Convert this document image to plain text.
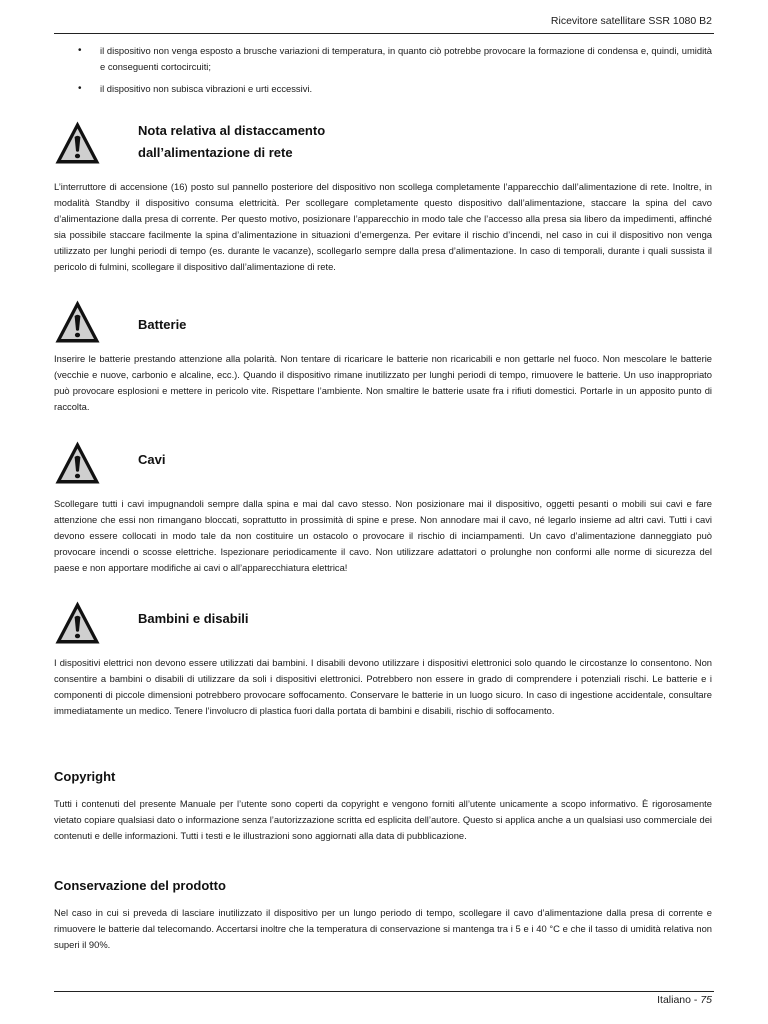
Ricevitore satellitare SSR 1080 B2
• il dispositivo non venga esposto a brusche variazioni di temperatura, in quanto ciò potrebbe provocare la formazione di condensa e, quindi, umidità e conseguenti cortocircuiti;
• il dispositivo non subisca vibrazioni e urti eccessivi.
Nota relativa al distaccamento
dall’alimentazione di rete

L’interruttore di accensione (16) posto sul pannello posteriore del dispositivo non scollega completamente l’apparecchio dall’alimentazione di rete. Inoltre, in modalità Standby il dispositivo consuma elettricità. Per scollegare completamente questo dispositivo dall’alimentazione, staccare la spina del cavo d’alimentazione dalla presa di corrente. Per questo motivo, posizionare l’apparecchio in modo tale che l’accesso alla presa sia libero da impedimenti, affinché sia possibile staccare facilmente la spina d’alimentazione in situazioni d’emergenza. Per evitare il rischio d’incendi, nel caso in cui il dispositivo non venga utilizzato per lunghi periodi di tempo (es. durante le vacanze), scollegarlo sempre dalla presa d’alimentazione. In caso di temporali, durante i quali sussista il pericolo di fulmini, scollegare il dispositivo dall’alimentazione di rete.

Batterie

Inserire le batterie prestando attenzione alla polarità. Non tentare di ricaricare le batterie non ricaricabili e non gettarle nel fuoco. Non mescolare le batterie (vecchie e nuove, carbonio e alcaline, ecc.). Quando il dispositivo rimane inutilizzato per lunghi periodi di tempo, rimuovere le batterie. Un uso inappropriato può provocare esplosioni e mettere in pericolo vite. Rispettare l’ambiente. Non smaltire le batterie usate fra i rifiuti domestici. Portarle in un apposito punto di raccolta.

Cavi

Scollegare tutti i cavi impugnandoli sempre dalla spina e mai dal cavo stesso. Non posizionare mai il dispositivo, oggetti pesanti o mobili sui cavi e fare attenzione che essi non rimangano bloccati, soprattutto in prossimità di spine e prese. Non annodare mai il cavo, né legarlo insieme ad altri cavi. Tutti i cavi devono essere collocati in modo tale da non costituire un ostacolo o provocare il rischio di inciampamenti. Un cavo d’alimentazione danneggiato può provocare incendi o scosse elettriche. Ispezionare periodicamente il cavo. Non utilizzare adattatori o prolunghe non conformi alle norme di sicurezza del paese e non apportare modifiche ai cavi o all’apparecchiatura elettrica!

Bambini e disabili

I dispositivi elettrici non devono essere utilizzati dai bambini. I disabili devono utilizzare i dispositivi elettronici solo quando le circostanze lo consentono. Non consentire a bambini o disabili di utilizzare da soli i dispositivi elettronici. Potrebbero non essere in grado di comprendere i potenziali rischi. Le batterie e i componenti di piccole dimensioni potrebbero provocare soffocamento. Conservare le batterie in un luogo sicuro. In caso di ingestione accidentale, consultare immediatamente un medico. Tenere l’involucro di plastica fuori dalla portata di bambini e disabili, rischio di soffocamento.

Copyright

Tutti i contenuti del presente Manuale per l’utente sono coperti da copyright e vengono forniti all’utente unicamente a scopo informativo. È rigorosamente vietato copiare qualsiasi dato o informazione senza l’autorizzazione scritta ed esplicita dell’autore. Questo si applica anche a un qualsiasi uso commerciale dei contenuti e delle informazioni. Tutti i testi e le illustrazioni sono aggiornati alla data di pubblicazione.

Conservazione del prodotto

Nel caso in cui si preveda di lasciare inutilizzato il dispositivo per un lungo periodo di tempo, scollegare il cavo d’alimentazione dalla presa di corrente e rimuovere le batterie dal telecomando. Accertarsi inoltre che la temperatura di conservazione si mantenga tra i 5 e i 40 °C e che il tasso di umidità relativa non superi il 90%.

Italiano - 75
